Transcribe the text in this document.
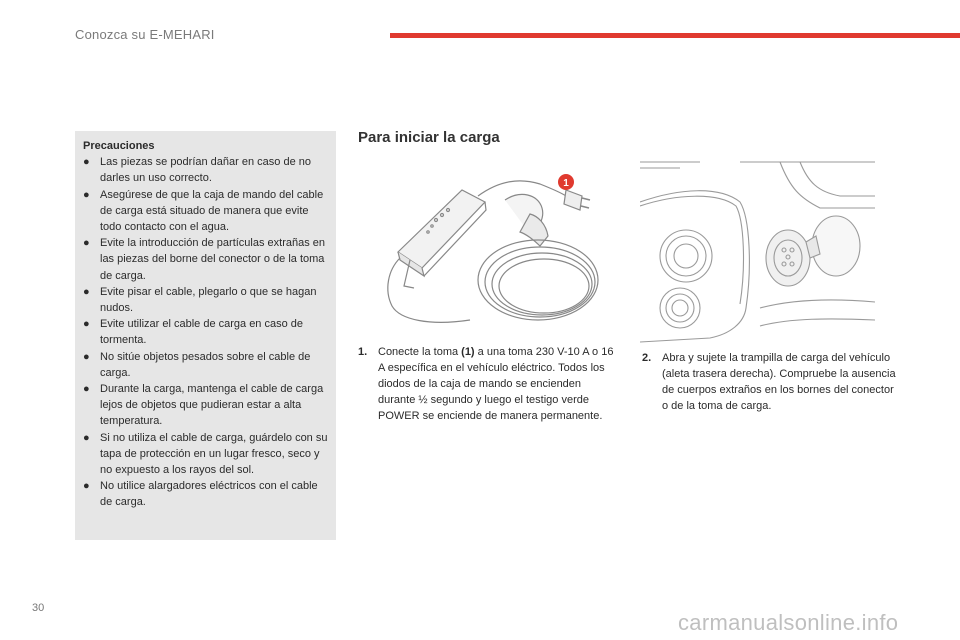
Conozca su E-MEHARI
Precauciones
● Las piezas se podrían dañar en caso de no darles un uso correcto.
● Asegúrese de que la caja de mando del cable de carga está situado de manera que evite todo contacto con el agua.
● Evite la introducción de partículas extrañas en las piezas del borne del conector o de la toma de carga.
● Evite pisar el cable, plegarlo o que se hagan nudos.
● Evite utilizar el cable de carga en caso de tormenta.
● No sitúe objetos pesados sobre el cable de carga.
● Durante la carga, mantenga el cable de carga lejos de objetos que pudieran estar a alta temperatura.
● Si no utiliza el cable de carga, guárdelo con su tapa de protección en un lugar fresco, seco y no expuesto a los rayos del sol.
● No utilice alargadores eléctricos con el cable de carga.
Para iniciar la carga
1
1. Conecte la toma (1) a una toma 230 V-10 A o 16 A específica en el vehículo eléctrico. Todos los diodos de la caja de mando se encienden durante ½ segundo y luego el testigo verde POWER se enciende de manera permanente.
2. Abra y sujete la trampilla de carga del vehículo (aleta trasera derecha). Compruebe la ausencia de cuerpos extraños en los bornes del conector o de la toma de carga.
30
carmanualsonline.info
